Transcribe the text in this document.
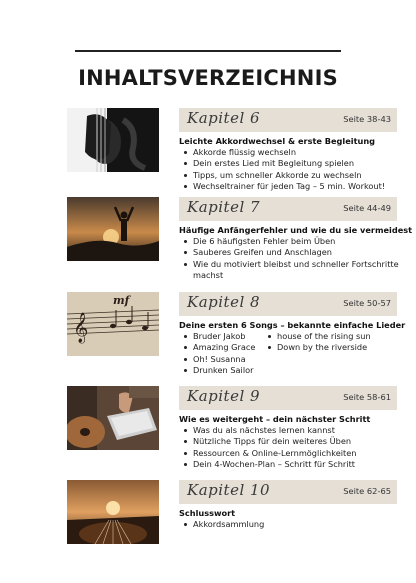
INHALTSVERZEICHNIS
Kapitel 6	Seite 38-43
Leichte Akkordwechsel & erste Begleitung
Akkorde flüssig wechseln
Dein erstes Lied mit Begleitung spielen
Tipps, um schneller Akkorde zu wechseln
Wechseltrainer für jeden Tag – 5 min. Workout!
Kapitel 7	Seite 44-49
Häufige Anfängerfehler und wie du sie vermeidest
Die 6 häufigsten Fehler beim Üben
Sauberes Greifen und Anschlagen
Wie du motiviert bleibst und schneller Fortschritte
machst
𝄞
mf	Kapitel 8	Seite 50-57
Deine ersten 6 Songs – bekannte einfache Lieder
Bruder Jakob
Amazing Grace
Oh! Susanna
Drunken Sailor
house of the rising sun
Down by the riverside
Kapitel 9	Seite 58-61
Wie es weitergeht – dein nächster Schritt
Was du als nächstes lernen kannst
Nützliche Tipps für dein weiteres Üben
Ressourcen & Online-Lernmöglichkeiten
Dein 4-Wochen-Plan – Schritt für Schritt
Kapitel 10	Seite 62-65
Schlusswort
Akkordsammlung
